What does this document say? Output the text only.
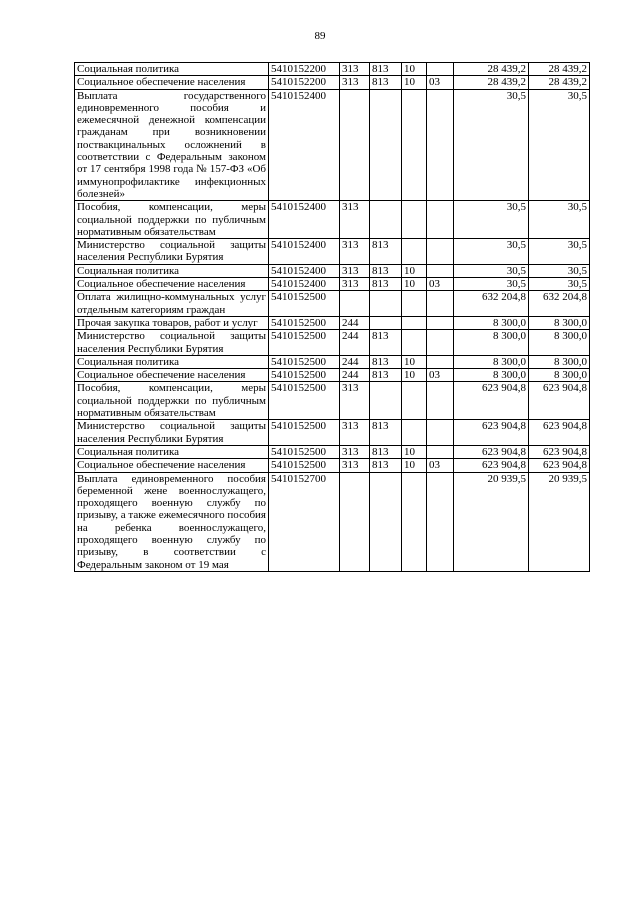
89
Социальная политика	5410152200	313	813	10		28 439,2	28 439,2
Социальное обеспечение населения	5410152200	313	813	10	03	28 439,2	28 439,2
Выплата государственного единовременного пособия и ежемесячной денежной компенсации гражданам при возникновении поствакцинальных осложнений в соответствии с Федеральным законом от 17 сентября 1998 года № 157-ФЗ «Об иммунопрофилактике инфекционных болезней»	5410152400					30,5	30,5
Пособия, компенсации, меры социальной поддержки по публичным нормативным обязательствам	5410152400	313				30,5	30,5
Министерство социальной защиты населения Республики Бурятия	5410152400	313	813			30,5	30,5
Социальная политика	5410152400	313	813	10		30,5	30,5
Социальное обеспечение населения	5410152400	313	813	10	03	30,5	30,5
Оплата жилищно-коммунальных услуг отдельным категориям граждан	5410152500					632 204,8	632 204,8
Прочая закупка товаров, работ и услуг	5410152500	244				8 300,0	8 300,0
Министерство социальной защиты населения Республики Бурятия	5410152500	244	813			8 300,0	8 300,0
Социальная политика	5410152500	244	813	10		8 300,0	8 300,0
Социальное обеспечение населения	5410152500	244	813	10	03	8 300,0	8 300,0
Пособия, компенсации, меры социальной поддержки по публичным нормативным обязательствам	5410152500	313				623 904,8	623 904,8
Министерство социальной защиты населения Республики Бурятия	5410152500	313	813			623 904,8	623 904,8
Социальная политика	5410152500	313	813	10		623 904,8	623 904,8
Социальное обеспечение населения	5410152500	313	813	10	03	623 904,8	623 904,8
Выплата единовременного пособия беременной жене военнослужащего, проходящего военную службу по призыву, а также ежемесячного пособия на ребенка военнослужащего, проходящего военную службу по призыву, в соответствии с Федеральным законом от 19 мая	5410152700					20 939,5	20 939,5
